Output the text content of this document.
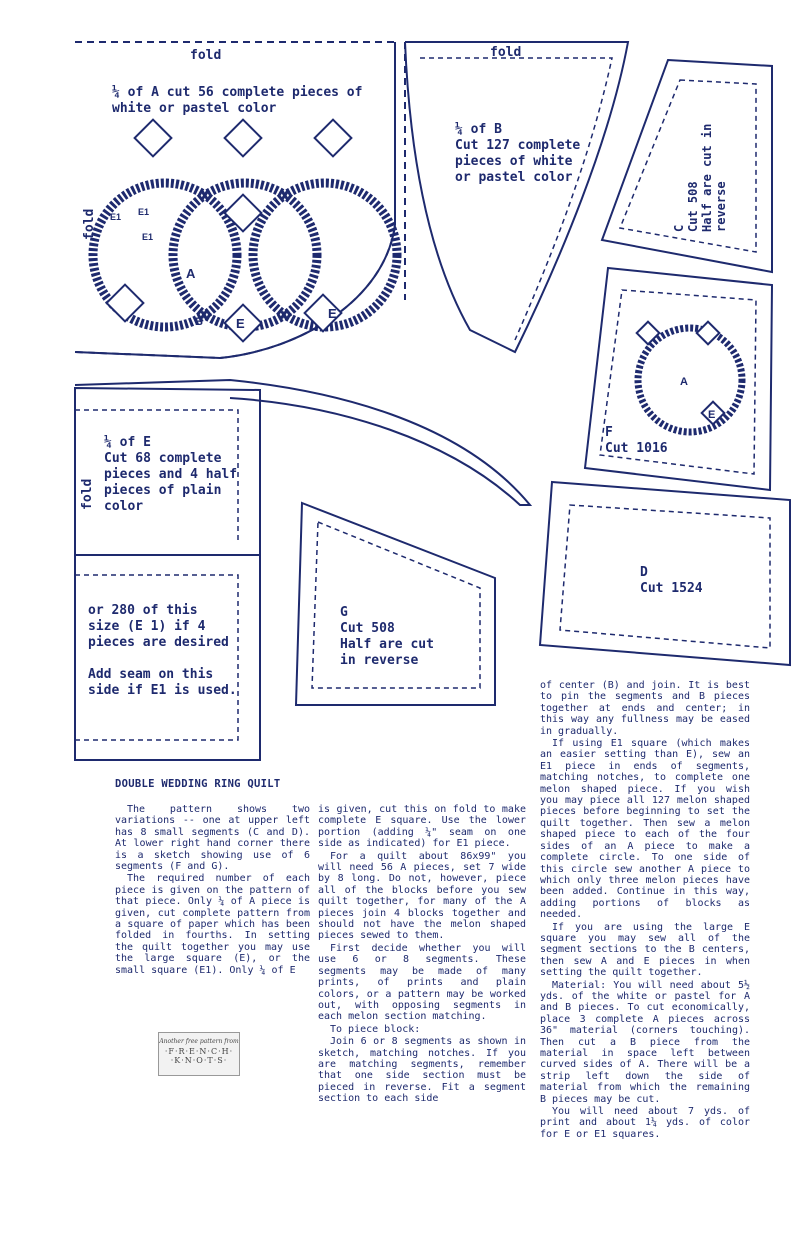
A
B	E
E
E1 E1
E1
A
E
fold
fold
¼ of A cut 56 complete pieces of
white or pastel color
fold
¼ of B
Cut 127 complete
pieces of white
or pastel color
C
Cut 508
Half are cut in
reverse
F
Cut 1016
fold
¼ of E
Cut 68 complete
pieces and 4 half
pieces of plain
color
or 280 of this
size (E 1) if 4
pieces are desired

Add seam on this
side if E1 is used.
G
Cut 508
Half are cut
in reverse
D
Cut 1524
DOUBLE WEDDING RING QUILT

The pattern shows two variations -- one at upper left has 8 small segments (C and D). At lower right hand corner there is a sketch showing use of 6 segments (F and G).

The required number of each piece is given on the pattern of that piece. Only ¼ of A piece is given, cut complete pattern from a square of paper which has been folded in fourths. In setting the quilt together you may use the large square (E), or the small square (E1). Only ¼ of E

is given, cut this on fold to make complete E square. Use the lower portion (adding ¼" seam on one side as indicated) for E1 piece.

For a quilt about 86x99" you will need 56 A pieces, set 7 wide by 8 long. Do not, however, piece all of the blocks before you sew quilt together, for many of the A pieces join 4 blocks together and should not have the melon shaped pieces sewed to them.

First decide whether you will use 6 or 8 segments. These segments may be made of many prints, of prints and plain colors, or a pattern may be worked out, with opposing segments in each melon section matching.

To piece block:

Join 6 or 8 segments as shown in sketch, matching notches. If you are matching segments, remember that one side section must be pieced in reverse. Fit a segment section to each side

of center (B) and join. It is best to pin the segments and B pieces together at ends and center; in this way any fullness may be eased in gradually.

If using E1 square (which makes an easier setting than E), sew an E1 piece in ends of segments, matching notches, to complete one melon shaped piece. If you wish you may piece all 127 melon shaped pieces before beginning to set the quilt together. Then sew a melon shaped piece to each of the four sides of an A piece to make a complete circle. To one side of this circle sew another A piece to which only three melon pieces have been added. Continue in this way, adding portions of blocks as needed.

If you are using the large E square you may sew all of the segment sections to the B centers, then sew A and E pieces in when setting the quilt together.

Material: You will need about 5½ yds. of the white or pastel for A and B pieces. To cut economically, place 3 complete A pieces across 36" material (corners touching). Then cut a B piece from the material in space left between curved sides of A. There will be a strip left down the side of material from which the remaining B pieces may be cut.

You will need about 7 yds. of print and about 1¼ yds. of color for E or E1 squares.

Another free pattern from
·F·R·E·N·C·H·
·K·N·O·T·S·
